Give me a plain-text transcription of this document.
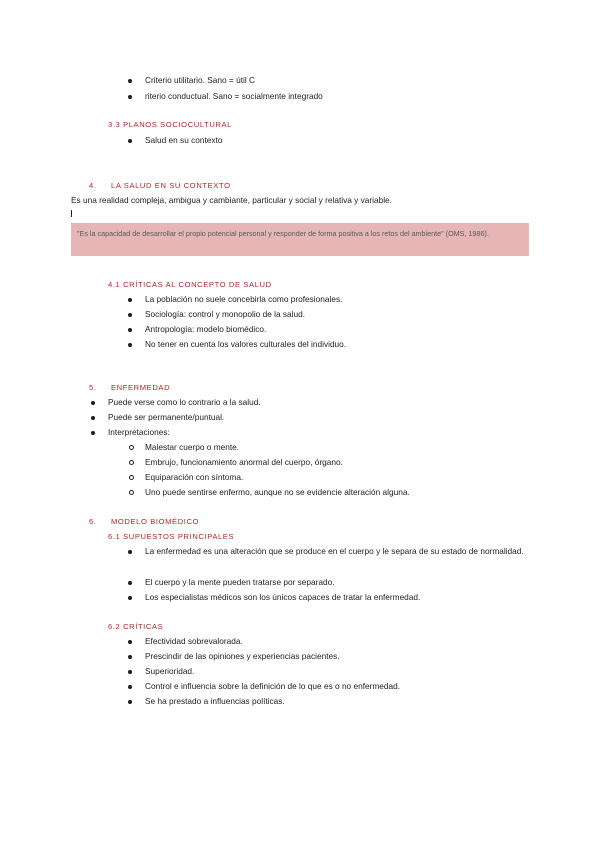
Criterio utilitario. Sano = útil C
riterio conductual. Sano = socialmente integrado
3.3 PLANOS SOCIOCULTURAL
Salud en su contexto
4. LA SALUD EN SU CONTEXTO
Es una realidad compleja, ambigua y cambiante, particular y social y relativa y variable.
"Es la capacidad de desarrollar el propio potencial personal y responder de forma positiva a los retos del ambiente" (OMS, 1986).
4.1 CRÍTICAS AL CONCEPTO DE SALUD
La población no suele concebirla como profesionales.
Sociología: control y monopolio de la salud.
Antropología: modelo biomédico.
No tener en cuenta los valores culturales del individuo.
5. ENFERMEDAD
Puede verse como lo contrario a la salud.
Puede ser permanente/puntual.
Interpretaciones:
Malestar cuerpo o mente.
Embrujo, funcionamiento anormal del cuerpo, órgano.
Equiparación con síntoma.
Uno puede sentirse enfermo, aunque no se evidencie alteración alguna.
6. MODELO BIOMÉDICO
6.1 SUPUESTOS PRINCIPALES
La enfermedad es una alteración que se produce en el cuerpo y le separa de su estado de normalidad.
El cuerpo y la mente pueden tratarse por separado.
Los especialistas médicos son los únicos capaces de tratar la enfermedad.
6.2 CRÍTICAS
Efectividad sobrevalorada.
Prescindir de las opiniones y experiencias pacientes.
Superioridad.
Control e influencia sobre la definición de lo que es o no enfermedad.
Se ha prestado a influencias políticas.
